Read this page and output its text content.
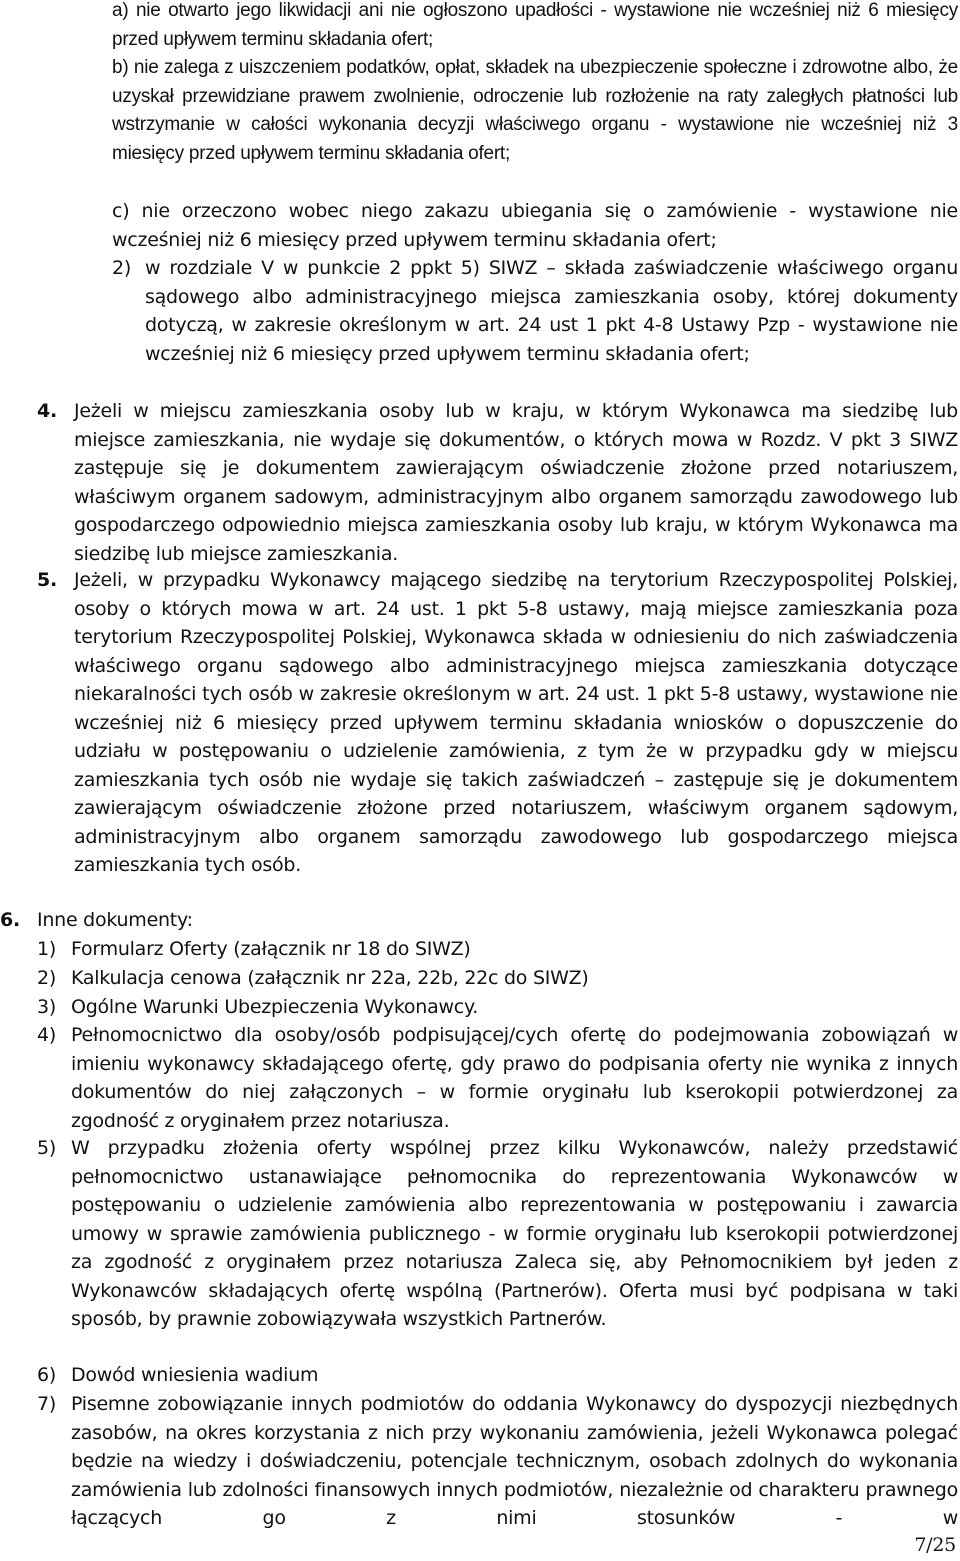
a) nie otwarto jego likwidacji ani nie ogłoszono upadłości - wystawione nie wcześniej niż 6 miesięcy przed upływem terminu składania ofert;

b) nie zalega z uiszczeniem podatków, opłat, składek na ubezpieczenie społeczne i zdrowotne albo, że uzyskał przewidziane prawem zwolnienie, odroczenie lub rozłożenie na raty zaległych płatności lub wstrzymanie w całości wykonania decyzji właściwego organu - wystawione nie wcześniej niż 3 miesięcy przed upływem terminu składania ofert;

c) nie orzeczono wobec niego zakazu ubiegania się o zamówienie - wystawione nie wcześniej niż 6 miesięcy przed upływem terminu składania ofert;

2) w rozdziale V w punkcie 2 ppkt 5) SIWZ – składa zaświadczenie właściwego organu sądowego albo administracyjnego miejsca zamieszkania osoby, której dokumenty dotyczą, w zakresie określonym w art. 24 ust 1 pkt 4-8 Ustawy Pzp - wystawione nie wcześniej niż 6 miesięcy przed upływem terminu składania ofert;
4. Jeżeli w miejscu zamieszkania osoby lub w kraju, w którym Wykonawca ma siedzibę lub miejsce zamieszkania, nie wydaje się dokumentów, o których mowa w Rozdz. V pkt 3 SIWZ zastępuje się je dokumentem zawierającym oświadczenie złożone przed notariuszem, właściwym organem sadowym, administracyjnym albo organem samorządu zawodowego lub gospodarczego odpowiednio miejsca zamieszkania osoby lub kraju, w którym Wykonawca ma siedzibę lub miejsce zamieszkania.
5. Jeżeli, w przypadku Wykonawcy mającego siedzibę na terytorium Rzeczypospolitej Polskiej, osoby o których mowa w art. 24 ust. 1 pkt 5-8 ustawy, mają miejsce zamieszkania poza terytorium Rzeczypospolitej Polskiej, Wykonawca składa w odniesieniu do nich zaświadczenia właściwego organu sądowego albo administracyjnego miejsca zamieszkania dotyczące niekaralności tych osób w zakresie określonym w art. 24 ust. 1 pkt 5-8 ustawy, wystawione nie wcześniej niż 6 miesięcy przed upływem terminu składania wniosków o dopuszczenie do udziału w postępowaniu o udzielenie zamówienia, z tym że w przypadku gdy w miejscu zamieszkania tych osób nie wydaje się takich zaświadczeń – zastępuje się je dokumentem zawierającym oświadczenie złożone przed notariuszem, właściwym organem sądowym, administracyjnym albo organem samorządu zawodowego lub gospodarczego miejsca zamieszkania tych osób.
6. Inne dokumenty:
1) Formularz Oferty (załącznik nr 18 do SIWZ)
2) Kalkulacja cenowa (załącznik nr 22a, 22b, 22c do SIWZ)
3) Ogólne Warunki Ubezpieczenia Wykonawcy.
4) Pełnomocnictwo dla osoby/osób podpisującej/cych ofertę do podejmowania zobowiązań w imieniu wykonawcy składającego ofertę, gdy prawo do podpisania oferty nie wynika z innych dokumentów do niej załączonych – w formie oryginału lub kserokopii potwierdzonej za zgodność z oryginałem przez notariusza.
5) W przypadku złożenia oferty wspólnej przez kilku Wykonawców, należy przedstawić pełnomocnictwo ustanawiające pełnomocnika do reprezentowania Wykonawców w postępowaniu o udzielenie zamówienia albo reprezentowania w postępowaniu i zawarcia umowy w sprawie zamówienia publicznego - w formie oryginału lub kserokopii potwierdzonej za zgodność z oryginałem przez notariusza Zaleca się, aby Pełnomocnikiem był jeden z Wykonawców składających ofertę wspólną (Partnerów). Oferta musi być podpisana w taki sposób, by prawnie zobowiązywała wszystkich Partnerów.
6) Dowód wniesienia wadium
7) Pisemne zobowiązanie innych podmiotów do oddania Wykonawcy do dyspozycji niezbędnych zasobów, na okres korzystania z nich przy wykonaniu zamówienia, jeżeli Wykonawca polegać będzie na wiedzy i doświadczeniu, potencjale technicznym, osobach zdolnych do wykonania zamówienia lub zdolności finansowych innych podmiotów, niezależnie od charakteru prawnego łączących go z nimi stosunków - w
7/25
